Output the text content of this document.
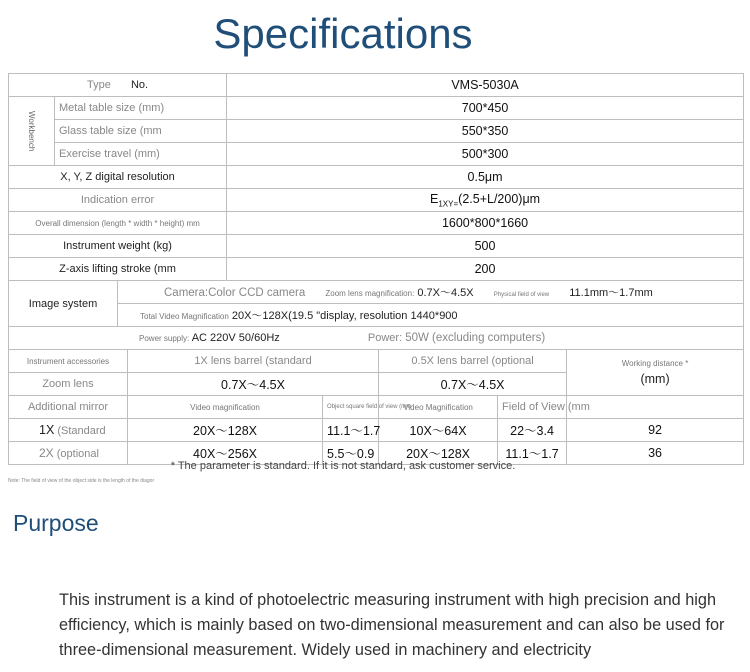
Specifications
Type No.				VMS-5030A				
Workbench	Metal table size (mm)			700*450				
	Glass table size (mm			550*350				
	Exercise travel (mm)			500*300				
X, Y, Z digital resolution				0.5μm				
Indication error				$E_{1XY=}(2.5+L/200)\mu m$				
Overall dimension (length * width * height) mm				1600*800*1660				
Instrument weight (kg)				500				
Z-axis lifting stroke (mm				200				
Image system		Camera:Color CCD camera Zoom lens magnification: 0.7X～4.5X Physical field of view 11.1mm～1.7mm						
		Total Video Magnification 20X～128X(19.5 "display, resolution 1440*900						
Power supply: AC 220V 50/60Hz Power: 50W (excluding computers)								
Instrument accessories			1X lens barrel (standard			0.5X lens barrel (optional		Working distance *
(mm)

Zoom lens			0.7X～4.5X			0.7X～4.5X		
Additional mirror			Video magnification		Object square field of view (mm	Video Magnification	Field of View (mm	
1X (Standard			20X～128X		11.1～1.7	10X～64X	22～3.4	92
2X (optional			40X～256X		5.5～0.9	20X～128X	11.1～1.7	36
* The parameter is standard. If it is not standard, ask customer service.
Note: The field of view of the object side is the length of the diagor
Purpose
This instrument is a kind of photoelectric measuring instrument with high precision and high efficiency, which is mainly based on two-dimensional measurement and can also be used for three-dimensional measurement. Widely used in machinery and electricity
